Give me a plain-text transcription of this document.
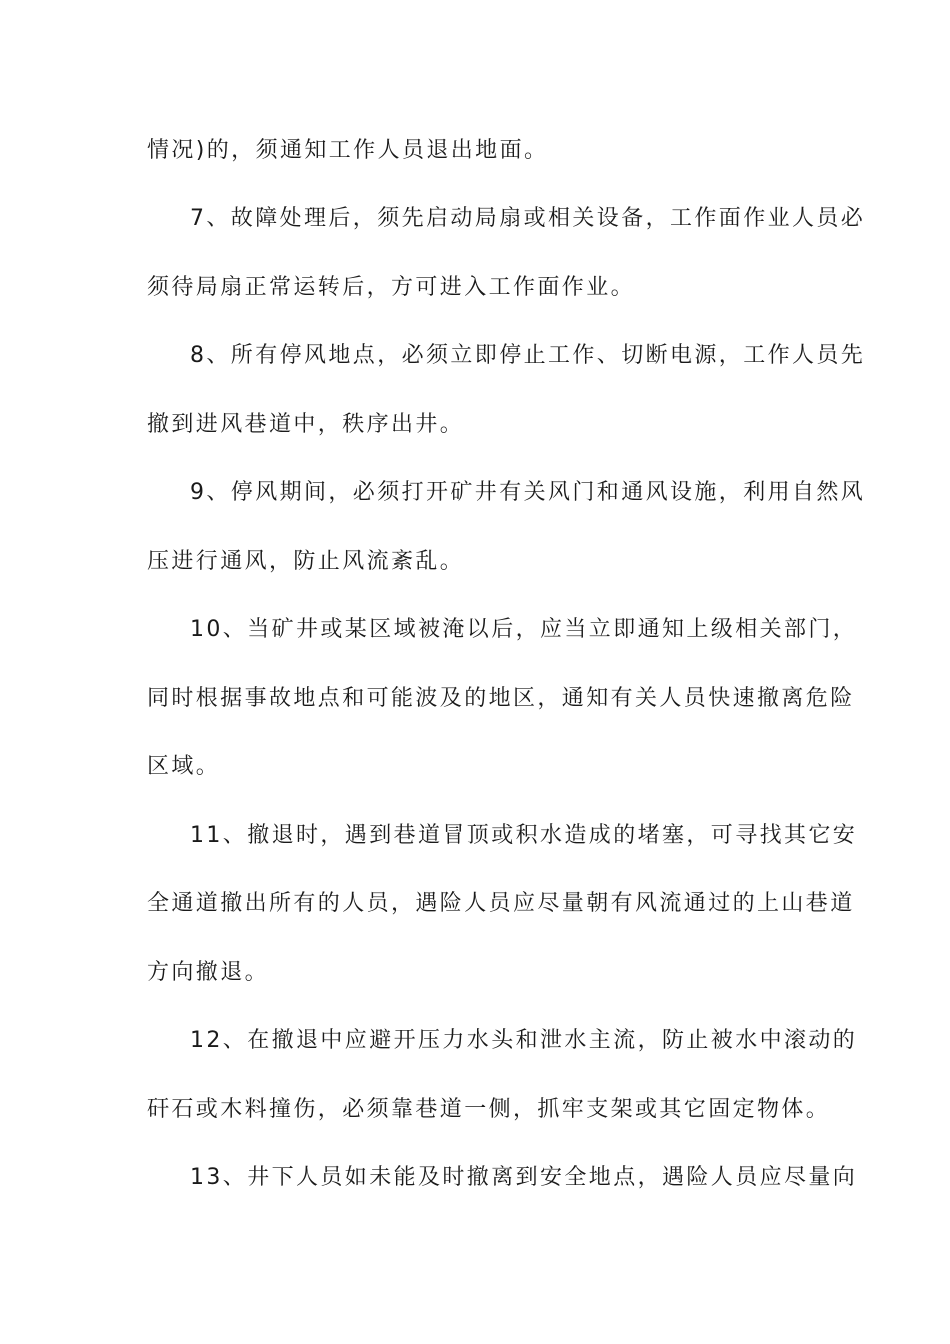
情况)的，须通知工作人员退出地面。
7、故障处理后，须先启动局扇或相关设备，工作面作业人员必
须待局扇正常运转后，方可进入工作面作业。
8、所有停风地点，必须立即停止工作、切断电源，工作人员先
撤到进风巷道中，秩序出井。
9、停风期间，必须打开矿井有关风门和通风设施，利用自然风
压进行通风，防止风流紊乱。
10、当矿井或某区域被淹以后，应当立即通知上级相关部门，
同时根据事故地点和可能波及的地区，通知有关人员快速撤离危险
区域。
11、撤退时，遇到巷道冒顶或积水造成的堵塞，可寻找其它安
全通道撤出所有的人员，遇险人员应尽量朝有风流通过的上山巷道
方向撤退。
12、在撤退中应避开压力水头和泄水主流，防止被水中滚动的
矸石或木料撞伤，必须靠巷道一侧，抓牢支架或其它固定物体。
13、井下人员如未能及时撤离到安全地点，遇险人员应尽量向
